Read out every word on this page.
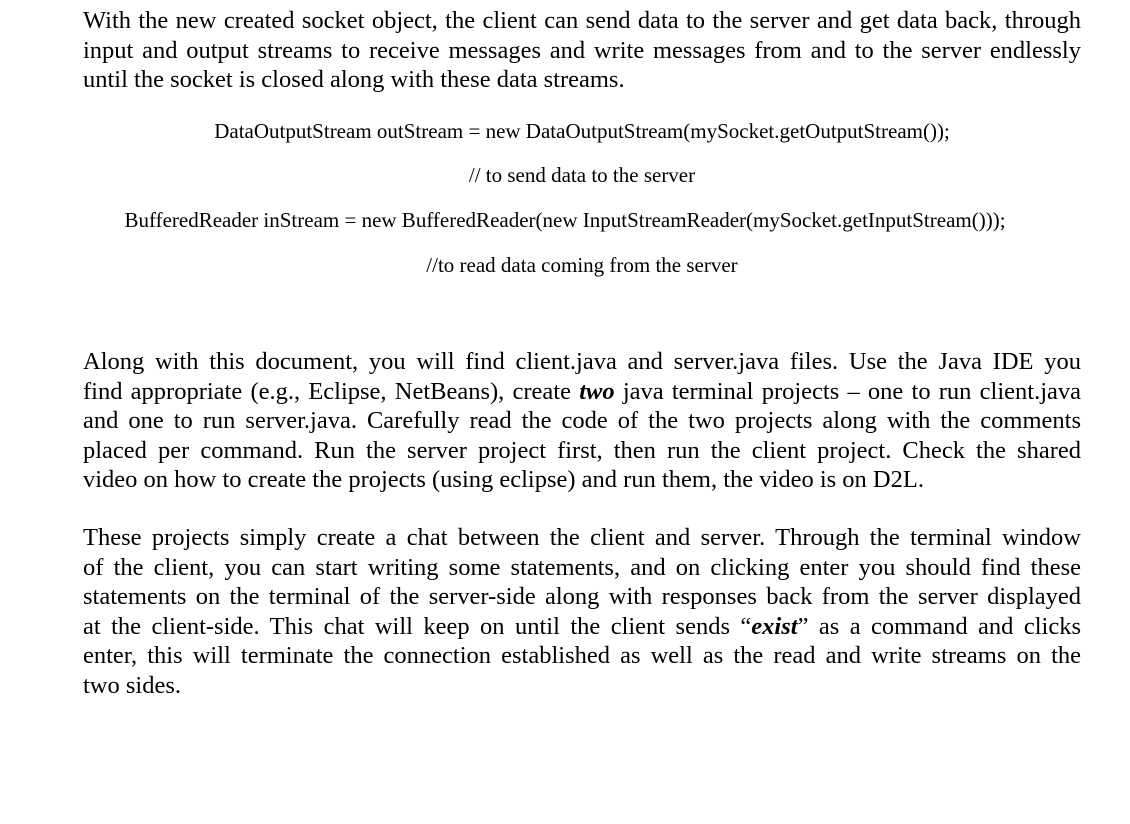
With the new created socket object, the client can send data to the server and get data back, through
input and output streams to receive messages and write messages from and to the server endlessly
until the socket is closed along with these data streams.

DataOutputStream outStream = new DataOutputStream(mySocket.getOutputStream());

// to send data to the server

BufferedReader inStream = new BufferedReader(new InputStreamReader(mySocket.getInputStream()));

//to read data coming from the server

Along with this document, you will find client.java and server.java files. Use the Java IDE you
find appropriate (e.g., Eclipse, NetBeans), create two java terminal projects – one to run client.java
and one to run server.java. Carefully read the code of the two projects along with the comments
placed per command. Run the server project first, then run the client project. Check the shared
video on how to create the projects (using eclipse) and run them, the video is on D2L.

These projects simply create a chat between the client and server. Through the terminal window
of the client, you can start writing some statements, and on clicking enter you should find these
statements on the terminal of the server-side along with responses back from the server displayed
at the client-side. This chat will keep on until the client sends “exist” as a command and clicks
enter, this will terminate the connection established as well as the read and write streams on the
two sides.
